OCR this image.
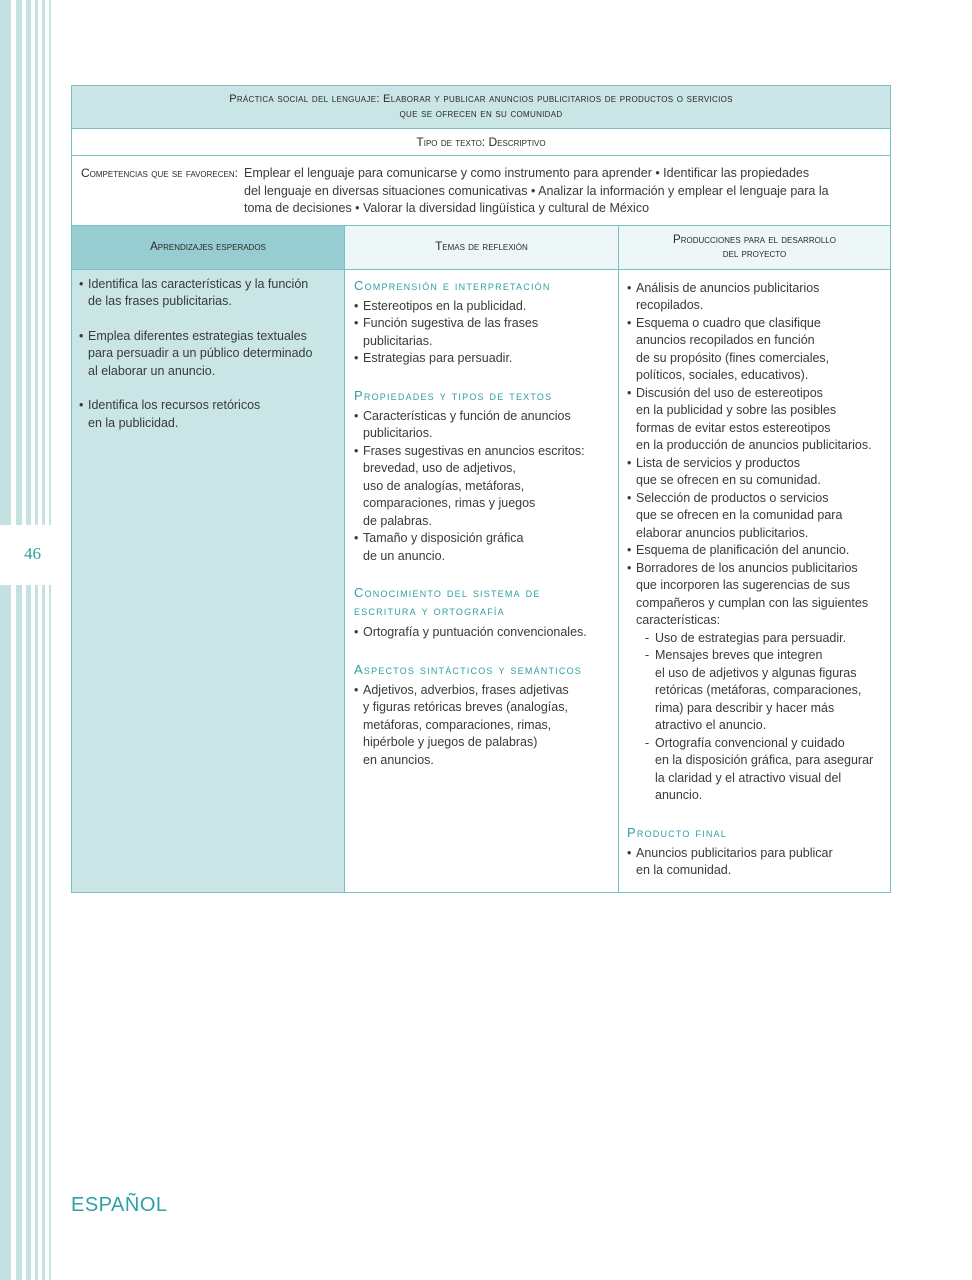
46
Práctica social del lenguaje: Elaborar y publicar anuncios publicitarios de productos o servicios
que se ofrecen en su comunidad
Tipo de texto: Descriptivo
Competencias que se favorecen: Emplear el lenguaje para comunicarse y como instrumento para aprender • Identificar las propiedades
del lenguaje en diversas situaciones comunicativas • Analizar la información y emplear el lenguaje para la
toma de decisiones • Valorar la diversidad lingüística y cultural de México
Aprendizajes esperados	Temas de reflexión
Producciones para el desarrollo
del proyecto
• Identifica las características y la función
de las frases publicitarias.
• Emplea diferentes estrategias textuales
para persuadir a un público determinado
al elaborar un anuncio.
• Identifica los recursos retóricos
en la publicidad.
Comprensión e interpretación
• Estereotipos en la publicidad.
• Función sugestiva de las frases publicitarias.
• Estrategias para persuadir.
Propiedades y tipos de textos
• Características y función de anuncios
publicitarios.
• Frases sugestivas en anuncios escritos:
brevedad, uso de adjetivos,
uso de analogías, metáforas,
comparaciones, rimas y juegos
de palabras.
• Tamaño y disposición gráfica
de un anuncio.
Conocimiento del sistema de
escritura y ortografía
• Ortografía y puntuación convencionales.
Aspectos sintácticos y semánticos
• Adjetivos, adverbios, frases adjetivas
y figuras retóricas breves (analogías,
metáforas, comparaciones, rimas,
hipérbole y juegos de palabras)
en anuncios.
• Análisis de anuncios publicitarios
recopilados.
• Esquema o cuadro que clasifique
anuncios recopilados en función
de su propósito (fines comerciales,
políticos, sociales, educativos).
• Discusión del uso de estereotipos
en la publicidad y sobre las posibles
formas de evitar estos estereotipos
en la producción de anuncios publicitarios.
• Lista de servicios y productos
que se ofrecen en su comunidad.
• Selección de productos o servicios
que se ofrecen en la comunidad para
elaborar anuncios publicitarios.
• Esquema de planificación del anuncio.
• Borradores de los anuncios publicitarios
que incorporen las sugerencias de sus
compañeros y cumplan con las siguientes
características:
- Uso de estrategias para persuadir.
- Mensajes breves que integren
el uso de adjetivos y algunas figuras
retóricas (metáforas, comparaciones,
rima) para describir y hacer más
atractivo el anuncio.
- Ortografía convencional y cuidado
en la disposición gráfica, para asegurar
la claridad y el atractivo visual del
anuncio.
Producto final
• Anuncios publicitarios para publicar
en la comunidad.
ESPAÑOL
